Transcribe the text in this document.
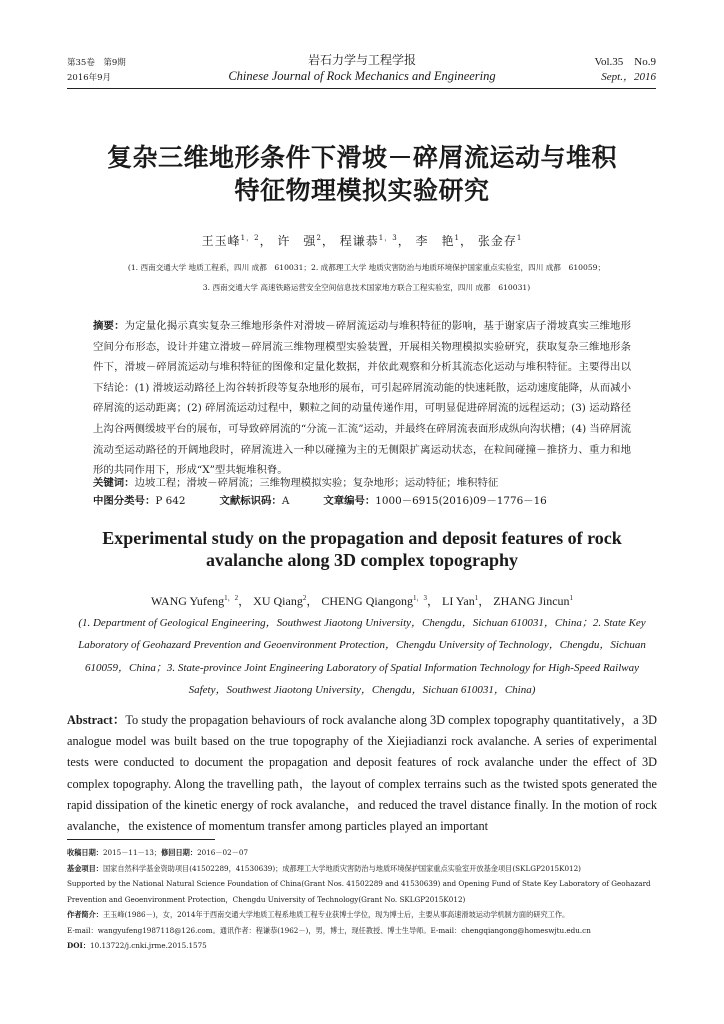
第35卷　第9期
2016年9月
岩石力学与工程学报
Chinese Journal of Rock Mechanics and Engineering
Vol.35　No.9
Sept.，2016
复杂三维地形条件下滑坡－碎屑流运动与堆积
特征物理模拟实验研究
王玉峰$^{1,2}$， 许　强$^2$， 程谦恭$^{1,3}$， 李　艳$^1$， 张金存$^1$
(1. 西南交通大学 地质工程系，四川 成都　610031；2. 成都理工大学 地质灾害防治与地质环境保护国家重点实验室，四川 成都　610059；
3. 西南交通大学 高速铁路运营安全空间信息技术国家地方联合工程实验室，四川 成都　610031)
摘要：为定量化揭示真实复杂三维地形条件对滑坡－碎屑流运动与堆积特征的影响，基于谢家店子滑坡真实三维地形空间分布形态，设计并建立滑坡－碎屑流三维物理模型实验装置，开展相关物理模拟实验研究，获取复杂三维地形条件下，滑坡－碎屑流运动与堆积特征的图像和定量化数据，并依此观察和分析其流态化运动与堆积特征。主要得出以下结论：(1) 滑坡运动路径上沟谷转折段等复杂地形的展布，可引起碎屑流动能的快速耗散，运动速度能降，从而减小碎屑流的运动距离；(2) 碎屑流运动过程中，颗粒之间的动量传递作用，可明显促进碎屑流的远程运动；(3) 运动路径上沟谷两侧缓坡平台的展布，可导致碎屑流的“分流－汇流”运动，并最终在碎屑流表面形成纵向沟状槽；(4) 当碎屑流流动至运动路径的开阔地段时，碎屑流进入一种以碰撞为主的无侧限扩离运动状态，在粒间碰撞－推挤力、重力和地形的共同作用下，形成“X”型共轭堆积脊。
关键词：边坡工程；滑坡－碎屑流；三维物理模拟实验；复杂地形；运动特征；堆积特征
中图分类号：P 642	文献标识码：A	文章编号：1000－6915(2016)09－1776－16
Experimental study on the propagation and deposit features of rock
avalanche along 3D complex topography
WANG Yufeng$^{1,2}$， XU Qiang$^2$， CHENG Qiangong$^{1,3}$， LI Yan$^1$， ZHANG Jincun$^1$
(1. Department of Geological Engineering，Southwest Jiaotong University，Chengdu，Sichuan 610031，China；2. State Key
Laboratory of Geohazard Prevention and Geoenvironment Protection，Chengdu University of Technology，Chengdu，Sichuan
610059，China；3. State-province Joint Engineering Laboratory of Spatial Information Technology for High-Speed Railway
Safety，Southwest Jiaotong University，Chengdu，Sichuan 610031，China)
Abstract：To study the propagation behaviours of rock avalanche along 3D complex topography quantitatively，a 3D analogue model was built based on the true topography of the Xiejiadianzi rock avalanche. A series of experimental tests were conducted to document the propagation and deposit features of rock avalanche under the effect of 3D complex topography. Along the travelling path，the layout of complex terrains such as the twisted spots generated the rapid dissipation of the kinetic energy of rock avalanche，and reduced the travel distance finally. In the motion of rock avalanche，the existence of momentum transfer among particles played an important
收稿日期：2015－11－13；修回日期：2016－02－07
基金项目：国家自然科学基金资助项目(41502289，41530639)；成都理工大学地质灾害防治与地质环境保护国家重点实验室开放基金项目(SKLGP2015K012)
Supported by the National Natural Science Foundation of China(Grant Nos. 41502289 and 41530639) and Opening Fund of State Key Laboratory of Geohazard
Prevention and Geoenvironment Protection，Chengdu University of Technology(Grant No. SKLGP2015K012)
作者简介：王玉峰(1986－)，女，2014年于西南交通大学地质工程系地质工程专业获博士学位，现为博士后，主要从事高速滑坡运动学机制方面的研究工作。
E-mail：wangyufeng1987118@126.com。通讯作者：程谦恭(1962－)，男，博士，现任教授、博士生导师。E-mail：chengqiangong@homeswjtu.edu.cn
DOI：10.13722/j.cnki.jrme.2015.1575
